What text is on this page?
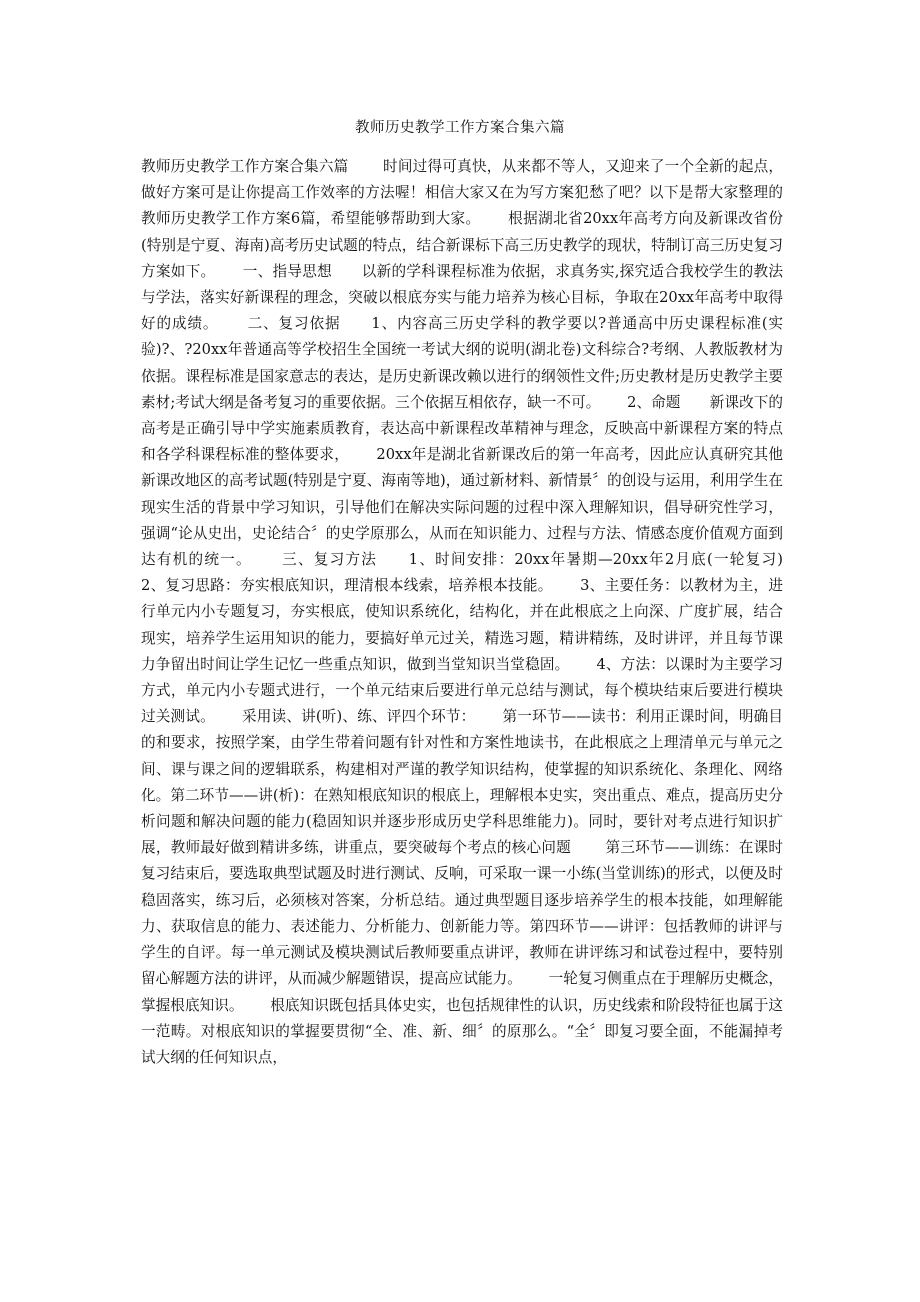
教师历史教学工作方案合集六篇

教师历史教学工作方案合集六篇　　 时间过得可真快，从来都不等人，又迎来了一个全新的起点，做好方案可是让你提高工作效率的方法喔！相信大家又在为写方案犯愁了吧？以下是帮大家整理的教师历史教学工作方案6篇，希望能够帮助到大家。　　 根据湖北省20xx年高考方向及新课改省份(特别是宁夏、海南)高考历史试题的特点，结合新课标下高三历史教学的现状，特制订高三历史复习方案如下。　　 一、指导思想　　以新的学科课程标准为依据，求真务实,探究适合我校学生的教法与学法，落实好新课程的理念，突破以根底夯实与能力培养为核心目标，争取在20xx年高考中取得好的成绩。　　 二、复习依据　　1、内容高三历史学科的教学要以?普通高中历史课程标准(实验)?、?20xx年普通高等学校招生全国统一考试大纲的说明(湖北卷)文科综合?考纲、人教版教材为依据。课程标准是国家意志的表达，是历史新课改赖以进行的纲领性文件;历史教材是历史教学主要素材;考试大纲是备考复习的重要依据。三个依据互相依存，缺一不可。　　 2、命题　　新课改下的高考是正确引导中学实施素质教育，表达高中新课程改革精神与理念，反映高中新课程方案的特点和各学科课程标准的整体要求，　　 20xx年是湖北省新课改后的第一年高考，因此应认真研究其他新课改地区的高考试题(特别是宁夏、海南等地)，通过新材料、新情景〞的创设与运用，利用学生在现实生活的背景中学习知识，引导他们在解决实际问题的过程中深入理解知识，倡导研究性学习，强调“论从史出，史论结合〞的史学原那么，从而在知识能力、过程与方法、情感态度价值观方面到达有机的统一。　　 三、复习方法　　1、时间安排：20xx年暑期—20xx年2月底(一轮复习)　　2、复习思路：夯实根底知识，理清根本线索，培养根本技能。　　 3、主要任务：以教材为主，进行单元内小专题复习，夯实根底，使知识系统化，结构化，并在此根底之上向深、广度扩展，结合现实，培养学生运用知识的能力，要搞好单元过关，精选习题，精讲精练，及时讲评，并且每节课力争留出时间让学生记忆一些重点知识，做到当堂知识当堂稳固。　　 4、方法：以课时为主要学习方式，单元内小专题式进行，一个单元结束后要进行单元总结与测试，每个模块结束后要进行模块过关测试。　　 采用读、讲(听)、练、评四个环节：　　 第一环节——读书：利用正课时间，明确目的和要求，按照学案，由学生带着问题有针对性和方案性地读书，在此根底之上理清单元与单元之间、课与课之间的逻辑联系，构建相对严谨的教学知识结构，使掌握的知识系统化、条理化、网络化。第二环节——讲(析)：在熟知根底知识的根底上，理解根本史实，突出重点、难点，提高历史分析问题和解决问题的能力(稳固知识并逐步形成历史学科思维能力)。同时，要针对考点进行知识扩展，教师最好做到精讲多练，讲重点，要突破每个考点的核心问题　　 第三环节——训练：在课时复习结束后，要选取典型试题及时进行测试、反响，可采取一课一小练(当堂训练)的形式，以便及时稳固落实，练习后，必须核对答案，分析总结。通过典型题目逐步培养学生的根本技能，如理解能力、获取信息的能力、表述能力、分析能力、创新能力等。第四环节——讲评：包括教师的讲评与学生的自评。每一单元测试及模块测试后教师要重点讲评，教师在讲评练习和试卷过程中，要特别留心解题方法的讲评，从而减少解题错误，提高应试能力。　　 一轮复习侧重点在于理解历史概念，掌握根底知识。　　 根底知识既包括具体史实，也包括规律性的认识，历史线索和阶段特征也属于这一范畴。对根底知识的掌握要贯彻“全、准、新、细〞的原那么。“全〞即复习要全面，不能漏掉考试大纲的任何知识点，
